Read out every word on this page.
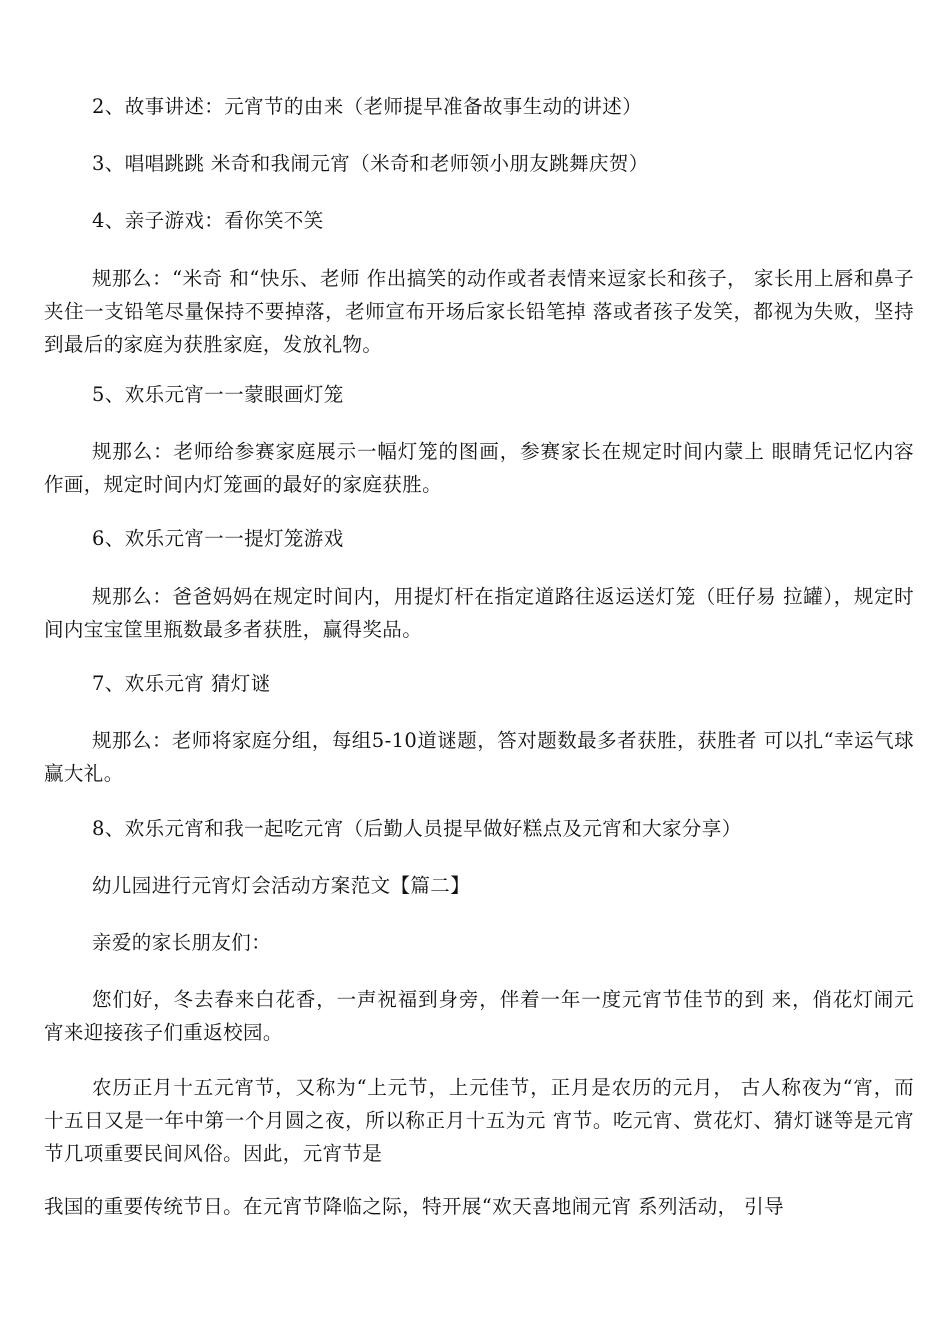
2、故事讲述：元宵节的由来（老师提早准备故事生动的讲述）

3、唱唱跳跳 米奇和我闹元宵（米奇和老师领小朋友跳舞庆贺）

4、亲子游戏：看你笑不笑

规那么：“米奇 和“快乐、老师 作出搞笑的动作或者表情来逗家长和孩子， 家长用上唇和鼻子夹住一支铅笔尽量保持不要掉落，老师宣布开场后家长铅笔掉 落或者孩子发笑，都视为失败，坚持到最后的家庭为获胜家庭，发放礼物。

5、欢乐元宵一一蒙眼画灯笼

规那么：老师给参赛家庭展示一幅灯笼的图画，参赛家长在规定时间内蒙上 眼睛凭记忆内容作画，规定时间内灯笼画的最好的家庭获胜。

6、欢乐元宵一一提灯笼游戏

规那么：爸爸妈妈在规定时间内，用提灯杆在指定道路往返运送灯笼（旺仔易 拉罐），规定时间内宝宝筐里瓶数最多者获胜，赢得奖品。

7、欢乐元宵 猜灯谜

规那么：老师将家庭分组，每组5-10道谜题，答对题数最多者获胜，获胜者 可以扎“幸运气球 赢大礼。

8、欢乐元宵和我一起吃元宵（后勤人员提早做好糕点及元宵和大家分享）

幼儿园进行元宵灯会活动方案范文【篇二】

亲爱的家长朋友们：

您们好，冬去春来白花香，一声祝福到身旁，伴着一年一度元宵节佳节的到 来，俏花灯闹元宵来迎接孩子们重返校园。

农历正月十五元宵节，又称为“上元节，上元佳节，正月是农历的元月， 古人称夜为“宵，而十五日又是一年中第一个月圆之夜，所以称正月十五为元 宵节。吃元宵、赏花灯、猜灯谜等是元宵节几项重要民间风俗。因此，元宵节是

我国的重要传统节日。在元宵节降临之际，特开展“欢天喜地闹元宵 系列活动， 引导
